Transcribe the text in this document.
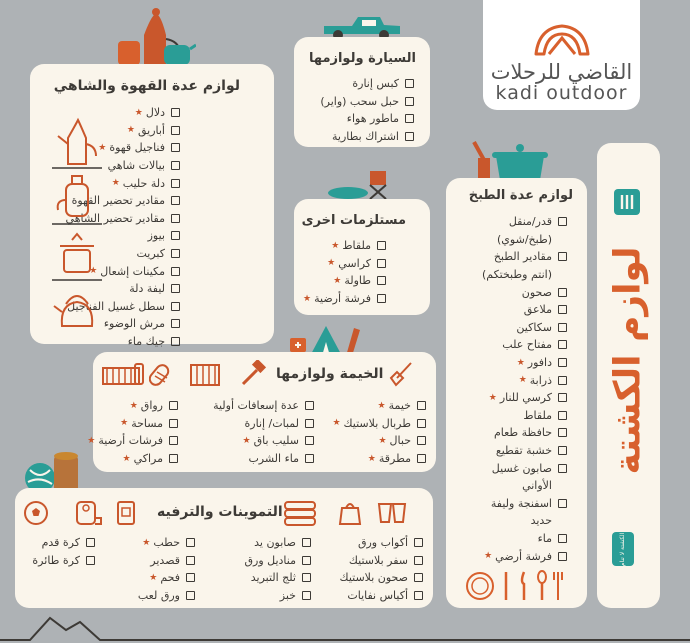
القاضي للرحلات
kadi outdoor
السيارة ولوازمها
كبس إنارة
حبل سحب (واير)
ماطور هواء
اشتراك بطارية
لوازم عدة القهوة والشاهي
دلال
★
أباريق
★
فناجيل قهوة
★
بيالات شاهي
دلة حليب
★
مقادير تحضير القهوة
مقادير تحضير الشاهي
بيوز
كبريت
مكينات إشعال
★
ليفة دلة
سطل غسيل الفناجيل
مرش الوضوء
جيك ماء
مستلزمات اخرى
ملقاط
★
كراسي
★
طاولة
★
فرشة أرضية
★
لوازم عدة الطبخ
قدر/منقل
(طبخ/شوي)
مقادير الطبخ
(انتم وطبختكم)
صحون
ملاعق
سكاكين
مفتاح علب
دافور
★
ذرابة
★
كرسي للنار
★
ملقاط
حافظة طعام
خشبة تقطيع
صابون غسيل
الأواني
اسفنجة وليفة
حديد
ماء
فرشة أرضي
★
لوازم الكشتة
الكشتة لا تنام
الخيمة ولوازمها
خيمة
★
طربال بلاستيك
★
حبال
★
مطرقة
★
عدة إسعافات أولية
لمبات/ إنارة
سليب باق
★
ماء الشرب
رواق
★
مساحة
★
فرشات أرضية
★
مراكي
★
التموينات والترفيه
أكواب ورق
سفر بلاستيك
صحون بلاستيك
أكياس نفايات
صابون يد
مناديل ورق
ثلج التبريد
خبز
حطب
★
قصدير
فحم
★
ورق لعب
كرة قدم
كرة طائرة
